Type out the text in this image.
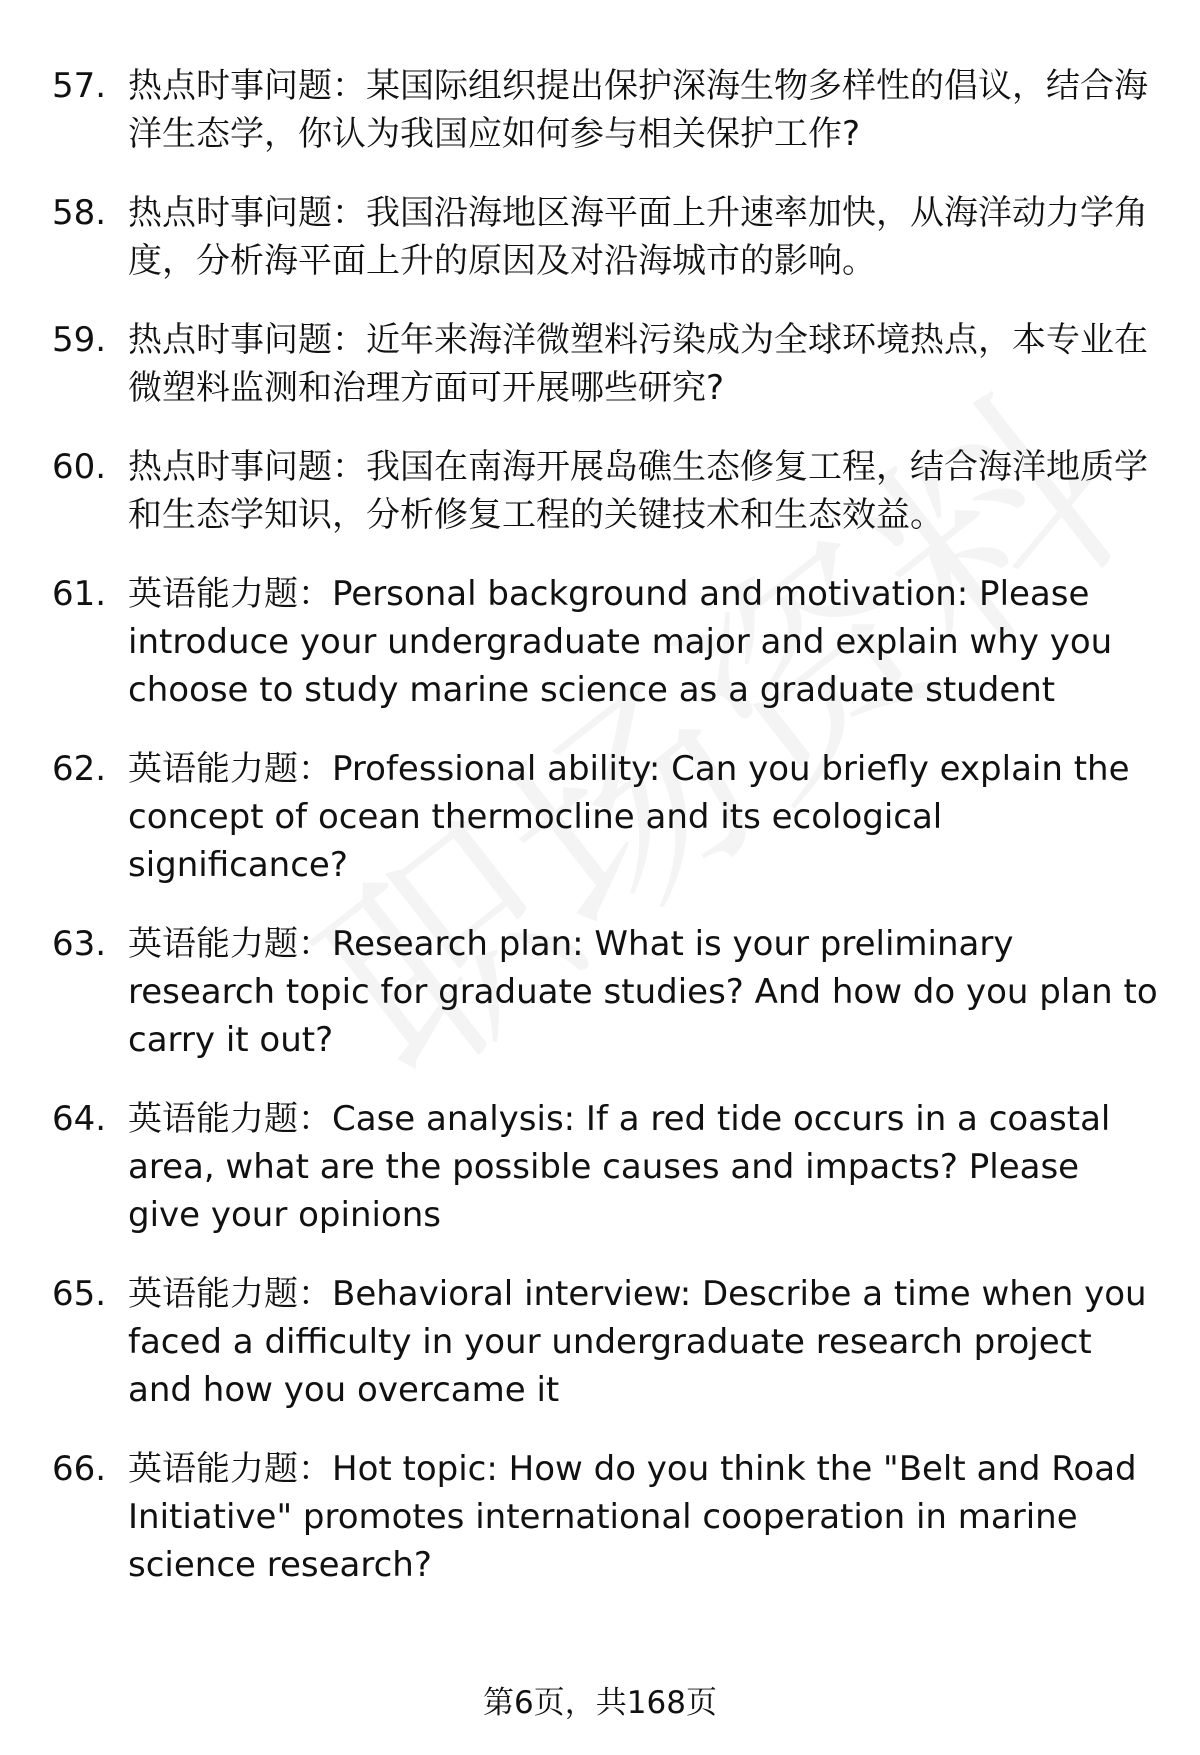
57. 热点时事问题：某国际组织提出保护深海生物多样性的倡议，结合海洋生态学，你认为我国应如何参与相关保护工作?
58. 热点时事问题：我国沿海地区海平面上升速率加快，从海洋动力学角度，分析海平面上升的原因及对沿海城市的影响。
59. 热点时事问题：近年来海洋微塑料污染成为全球环境热点，本专业在微塑料监测和治理方面可开展哪些研究?
60. 热点时事问题：我国在南海开展岛礁生态修复工程，结合海洋地质学和生态学知识，分析修复工程的关键技术和生态效益。
61. 英语能力题：Personal background and motivation: Please introduce your undergraduate major and explain why you choose to study marine science as a graduate student
62. 英语能力题：Professional ability: Can you briefly explain the concept of ocean thermocline and its ecological significance?
63. 英语能力题：Research plan: What is your preliminary research topic for graduate studies? And how do you plan to carry it out?
64. 英语能力题：Case analysis: If a red tide occurs in a coastal area, what are the possible causes and impacts? Please give your opinions
65. 英语能力题：Behavioral interview: Describe a time when you faced a difficulty in your undergraduate research project and how you overcame it
66. 英语能力题：Hot topic: How do you think the "Belt and Road Initiative" promotes international cooperation in marine science research?
第6页，共168页
